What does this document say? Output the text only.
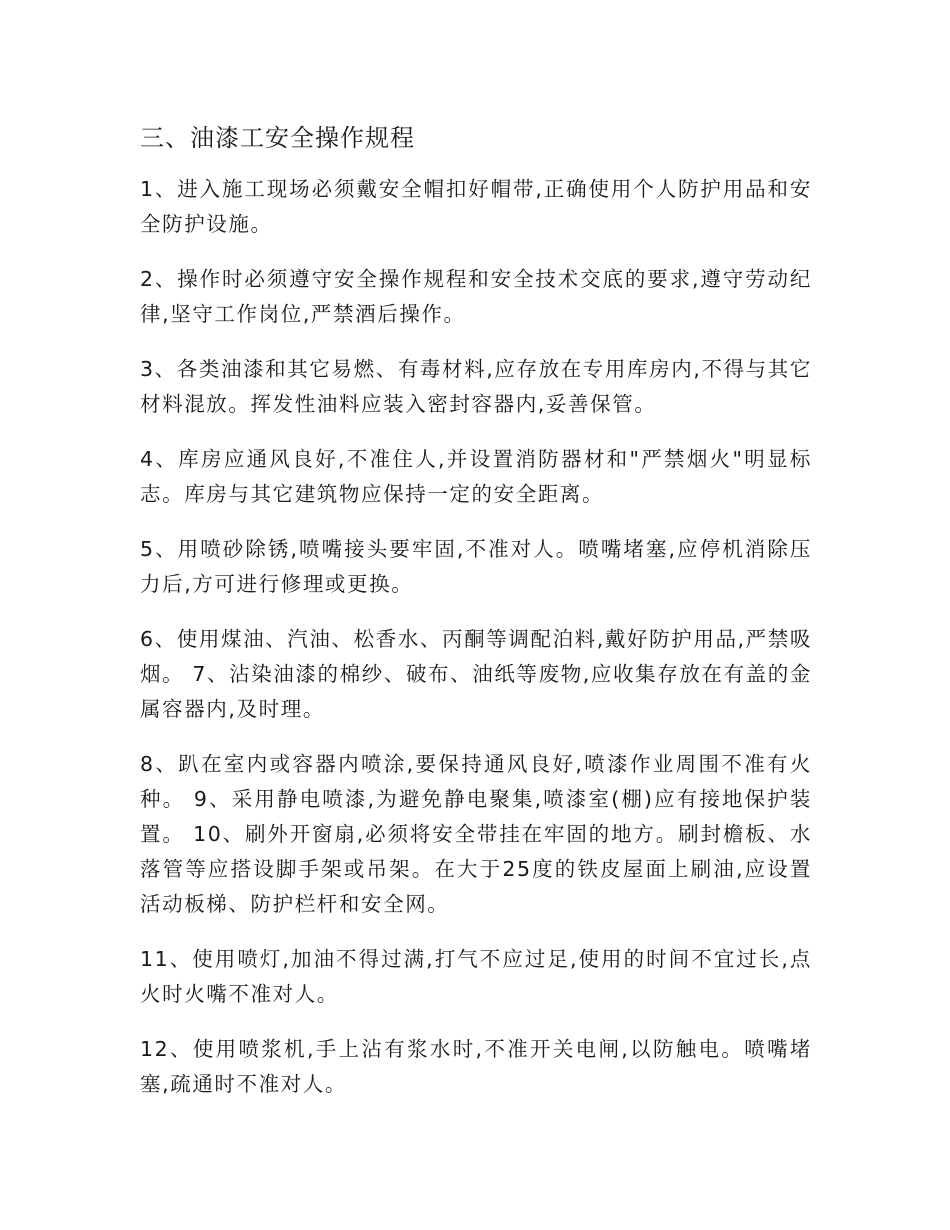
三、油漆工安全操作规程

1、进入施工现场必须戴安全帽扣好帽带,正确使用个人防护用品和安全防护设施。

2、操作时必须遵守安全操作规程和安全技术交底的要求,遵守劳动纪律,坚守工作岗位,严禁酒后操作。

3、各类油漆和其它易燃、有毒材料,应存放在专用库房内,不得与其它材料混放。挥发性油料应装入密封容器内,妥善保管。

4、库房应通风良好,不准住人,并设置消防器材和"严禁烟火"明显标志。库房与其它建筑物应保持一定的安全距离。

5、用喷砂除锈,喷嘴接头要牢固,不准对人。喷嘴堵塞,应停机消除压力后,方可进行修理或更换。

6、使用煤油、汽油、松香水、丙酮等调配泊料,戴好防护用品,严禁吸烟。 7、沾染油漆的棉纱、破布、油纸等废物,应收集存放在有盖的金属容器内,及时理。

8、趴在室内或容器内喷涂,要保持通风良好,喷漆作业周围不准有火种。 9、采用静电喷漆,为避免静电聚集,喷漆室(棚)应有接地保护装置。 10、刷外开窗扇,必须将安全带挂在牢固的地方。刷封檐板、水落管等应搭设脚手架或吊架。在大于25度的铁皮屋面上刷油,应设置活动板梯、防护栏杆和安全网。

11、使用喷灯,加油不得过满,打气不应过足,使用的时间不宜过长,点火时火嘴不准对人。

12、使用喷浆机,手上沾有浆水时,不准开关电闸,以防触电。喷嘴堵塞,疏通时不准对人。
